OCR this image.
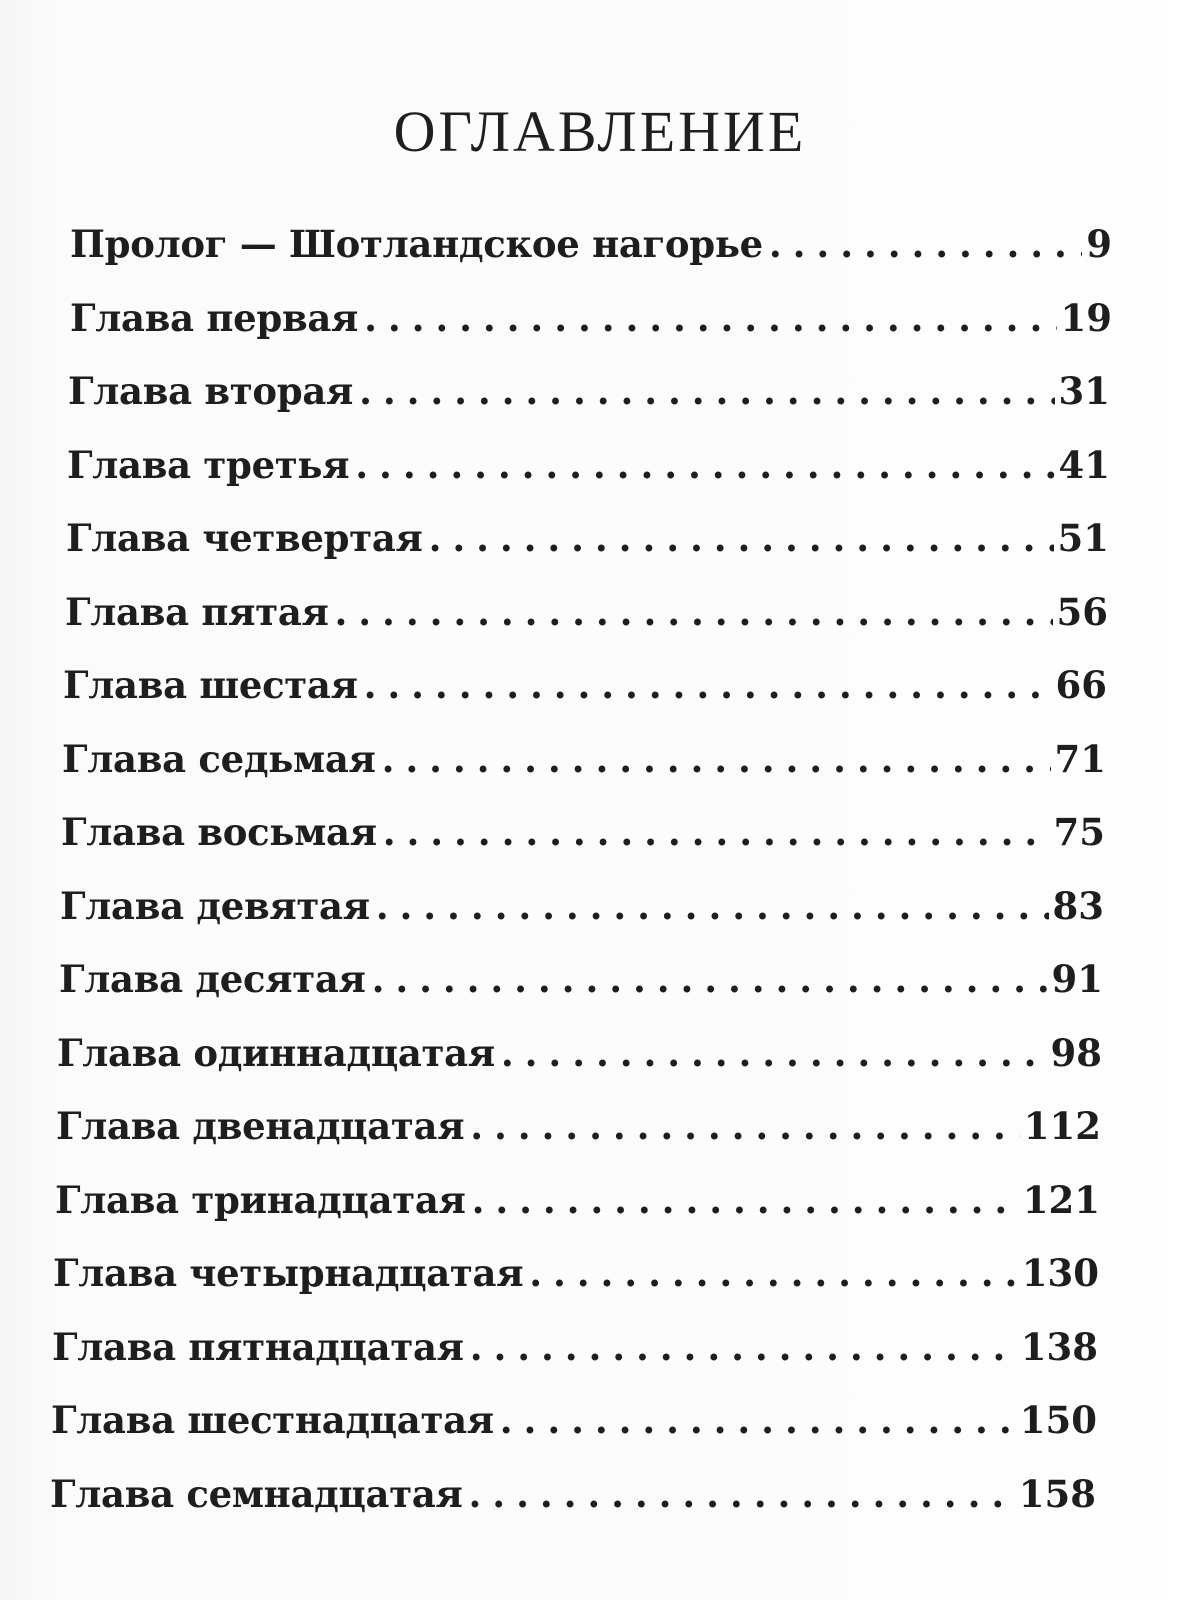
ОГЛАВЛЕНИЕ
Пролог — Шотландское нагорье . . .	9
Глава первая . . .	19
Глава вторая . . .	31
Глава третья . . .	41
Глава четвертая . . .	51
Глава пятая . . .	56
Глава шестая . . .	66
Глава седьмая . . .	71
Глава восьмая . . .	75
Глава девятая . . .	83
Глава десятая . . .	91
Глава одиннадцатая . . .	98
Глава двенадцатая . . .	112
Глава тринадцатая . . .	121
Глава четырнадцатая . . .	130
Глава пятнадцатая . . .	138
Глава шестнадцатая . . .	150
Глава семнадцатая . . .	158
